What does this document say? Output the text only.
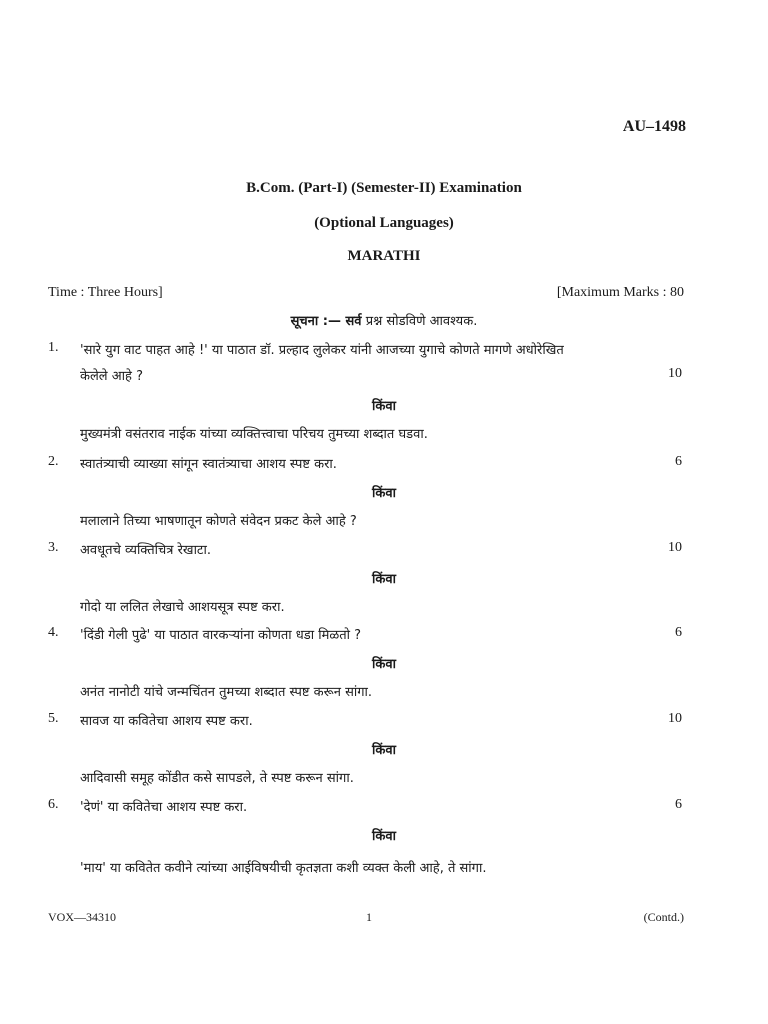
AU–1498
B.Com. (Part-I) (Semester-II) Examination
(Optional Languages)
MARATHI
Time : Three Hours]	[Maximum Marks : 80
सूचना :— सर्व प्रश्न सोडविणे आवश्यक.
1. 'सारे युग वाट पाहत आहे !' या पाठात डॉ. प्रल्हाद लुलेकर यांनी आजच्या युगाचे कोणते मागणे अधोरेखित
केलेले आहे ?	10
किंवा
मुख्यमंत्री वसंतराव नाईक यांच्या व्यक्तित्त्वाचा परिचय तुमच्या शब्दात घडवा.
2. स्वातंत्र्याची व्याख्या सांगून स्वातंत्र्याचा आशय स्पष्ट करा.	6
किंवा
मलालाने तिच्या भाषणातून कोणते संवेदन प्रकट केले आहे ?
3. अवधूतचे व्यक्तिचित्र रेखाटा.	10
किंवा
गोदो या ललित लेखाचे आशयसूत्र स्पष्ट करा.
4. 'दिंडी गेली पुढे' या पाठात वारकऱ्यांना कोणता धडा मिळतो ?	6
किंवा
अनंत नानोटी यांचे जन्मचिंतन तुमच्या शब्दात स्पष्ट करून सांगा.
5. सावज या कवितेचा आशय स्पष्ट करा.	10
किंवा
आदिवासी समूह कोंडीत कसे सापडले, ते स्पष्ट करून सांगा.
6. 'देणं' या कवितेचा आशय स्पष्ट करा.	6
किंवा
'माय' या कवितेत कवीने त्यांच्या आईविषयीची कृतज्ञता कशी व्यक्त केली आहे, ते सांगा.
VOX—34310	1	(Contd.)
